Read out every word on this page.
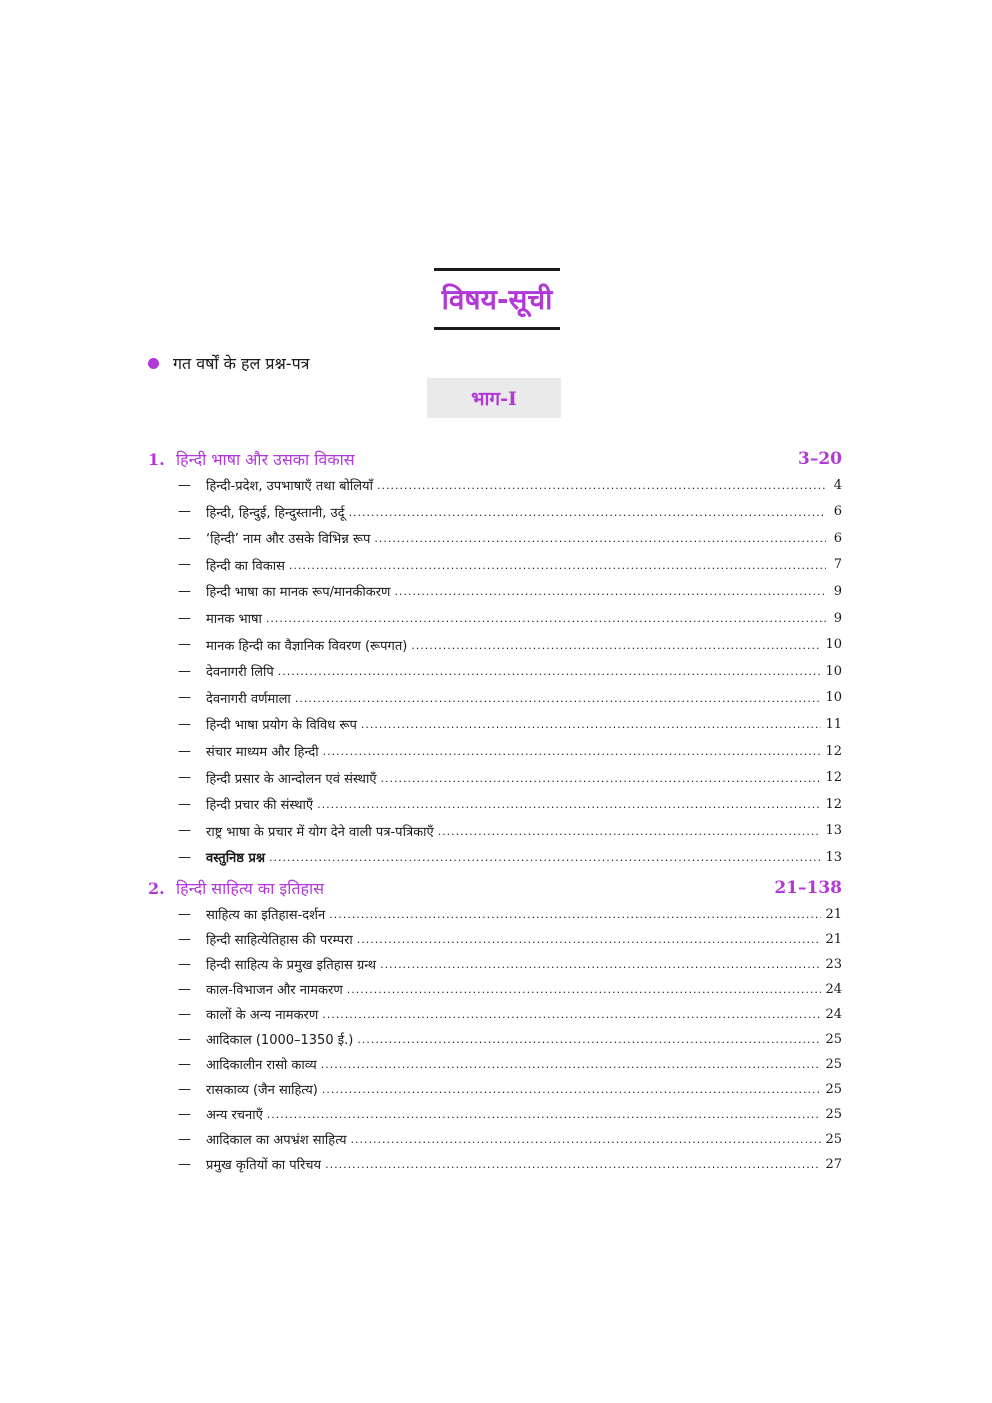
विषय-सूची
गत वर्षों के हल प्रश्न-पत्र
भाग-I
1. हिन्दी भाषा और उसका विकास	3–20
—	हिन्दी-प्रदेश, उपभाषाएँ तथा बोलियाँ .....	4
—	हिन्दी, हिन्दुई, हिन्दुस्तानी, उर्दू .....	6
—	‘हिन्दी’ नाम और उसके विभिन्न रूप .....	6
—	हिन्दी का विकास .....	7
—	हिन्दी भाषा का मानक रूप/मानकीकरण .....	9
—	मानक भाषा .....	9
—	मानक हिन्दी का वैज्ञानिक विवरण (रूपगत) .....	10
—	देवनागरी लिपि .....	10
—	देवनागरी वर्णमाला .....	10
—	हिन्दी भाषा प्रयोग के विविध रूप .....	11
—	संचार माध्यम और हिन्दी .....	12
—	हिन्दी प्रसार के आन्दोलन एवं संस्थाएँ .....	12
—	हिन्दी प्रचार की संस्थाएँ .....	12
—	राष्ट्र भाषा के प्रचार में योग देने वाली पत्र-पत्रिकाएँ .....	13
—	वस्तुनिष्ठ प्रश्न .....	13
2. हिन्दी साहित्य का इतिहास	21–138
—	साहित्य का इतिहास-दर्शन .....	21
—	हिन्दी साहित्येतिहास की परम्परा .....	21
—	हिन्दी साहित्य के प्रमुख इतिहास ग्रन्थ .....	23
—	काल-विभाजन और नामकरण .....	24
—	कालों के अन्य नामकरण .....	24
—	आदिकाल (1000–1350 ई.) .....	25
—	आदिकालीन रासो काव्य .....	25
—	रासकाव्य (जैन साहित्य) .....	25
—	अन्य रचनाएँ .....	25
—	आदिकाल का अपभ्रंश साहित्य .....	25
—	प्रमुख कृतियों का परिचय .....	27
